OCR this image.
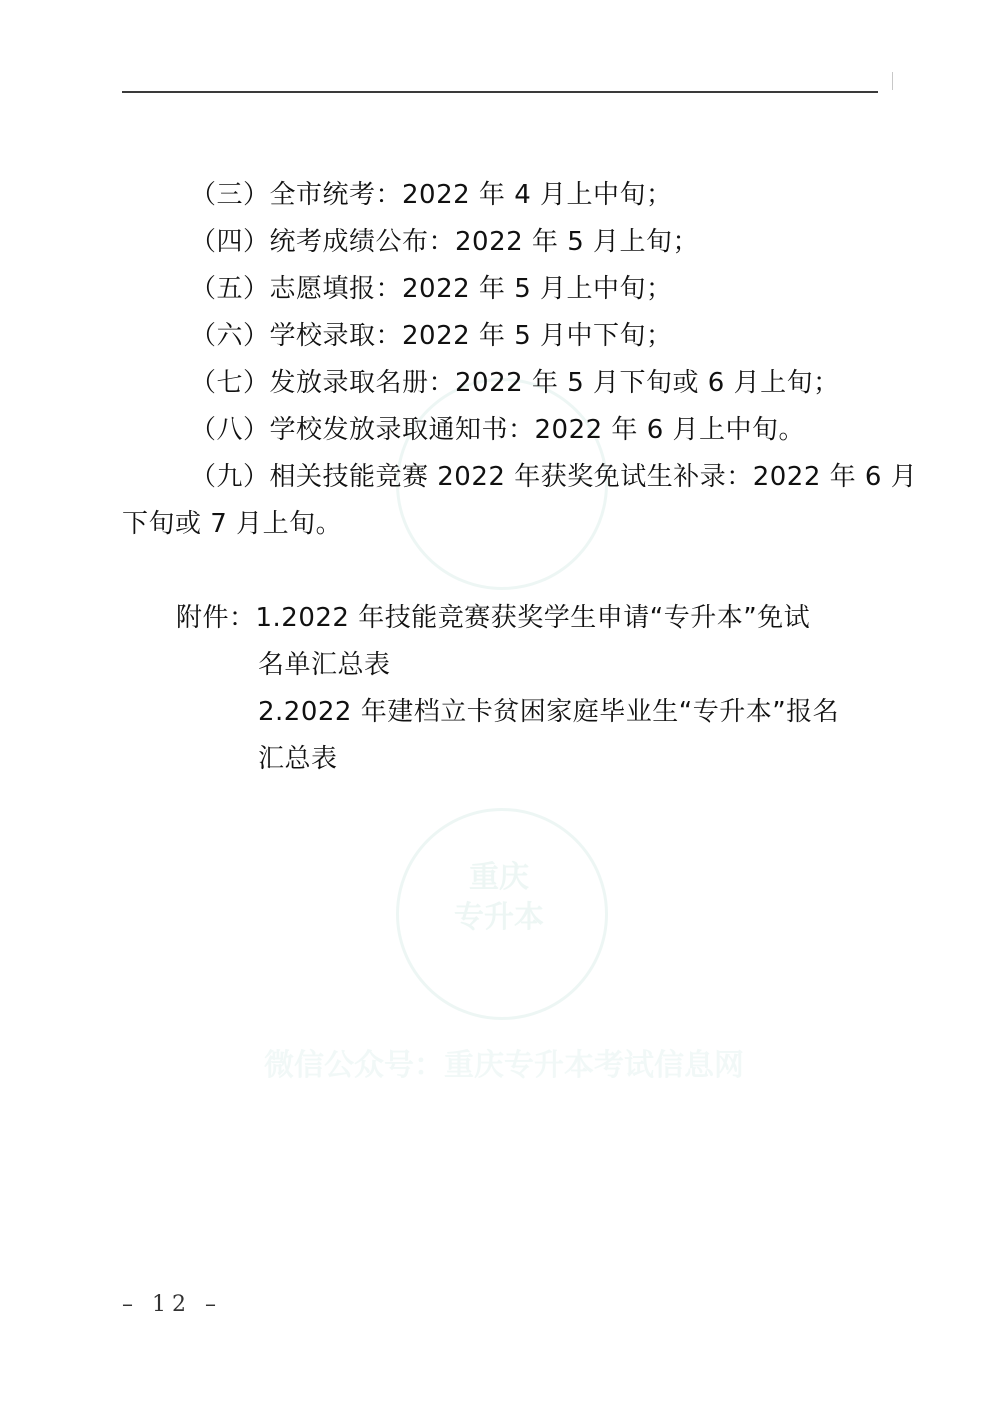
重庆
专升本
微信公众号：重庆专升本考试信息网
（三）全市统考：2022 年 4 月上中旬；
（四）统考成绩公布：2022 年 5 月上旬；
（五）志愿填报：2022 年 5 月上中旬；
（六）学校录取：2022 年 5 月中下旬；
（七）发放录取名册：2022 年 5 月下旬或 6 月上旬；
（八）学校发放录取通知书：2022 年 6 月上中旬。
（九）相关技能竞赛 2022 年获奖免试生补录：2022 年 6 月
下旬或 7 月上旬。
附件：1.2022 年技能竞赛获奖学生申请“专升本”免试
名单汇总表
2.2022 年建档立卡贫困家庭毕业生“专升本”报名
汇总表
– 12 –
